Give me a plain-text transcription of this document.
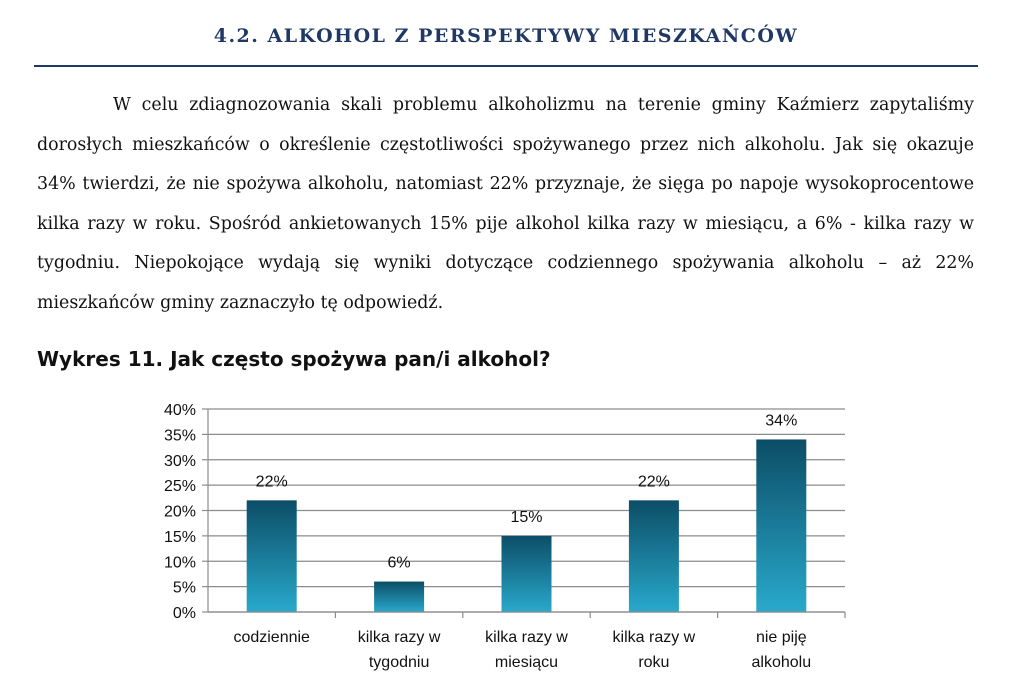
4.2. ALKOHOL Z PERSPEKTYWY MIESZKAŃCÓW

W celu zdiagnozowania skali problemu alkoholizmu na terenie gminy Kaźmierz zapytaliśmy dorosłych mieszkańców o określenie częstotliwości spożywanego przez nich alkoholu. Jak się okazuje 34% twierdzi, że nie spożywa alkoholu, natomiast 22% przyznaje, że sięga po napoje wysokoprocentowe kilka razy w roku. Spośród ankietowanych 15% pije alkohol kilka razy w miesiącu, a 6% - kilka razy w tygodniu. Niepokojące wydają się wyniki dotyczące codziennego spożywania alkoholu – aż 22% mieszkańców gminy zaznaczyło tę odpowiedź.

Wykres 11. Jak często spożywa pan/i alkohol?
0%
5%
10%
15%
20%
25%
30%
35%
40%
22%
6%
15%
22%
34%
codziennie	kilka razy w
tygodniu
kilka razy w
miesiącu
kilka razy w
roku
nie piję
alkoholu
